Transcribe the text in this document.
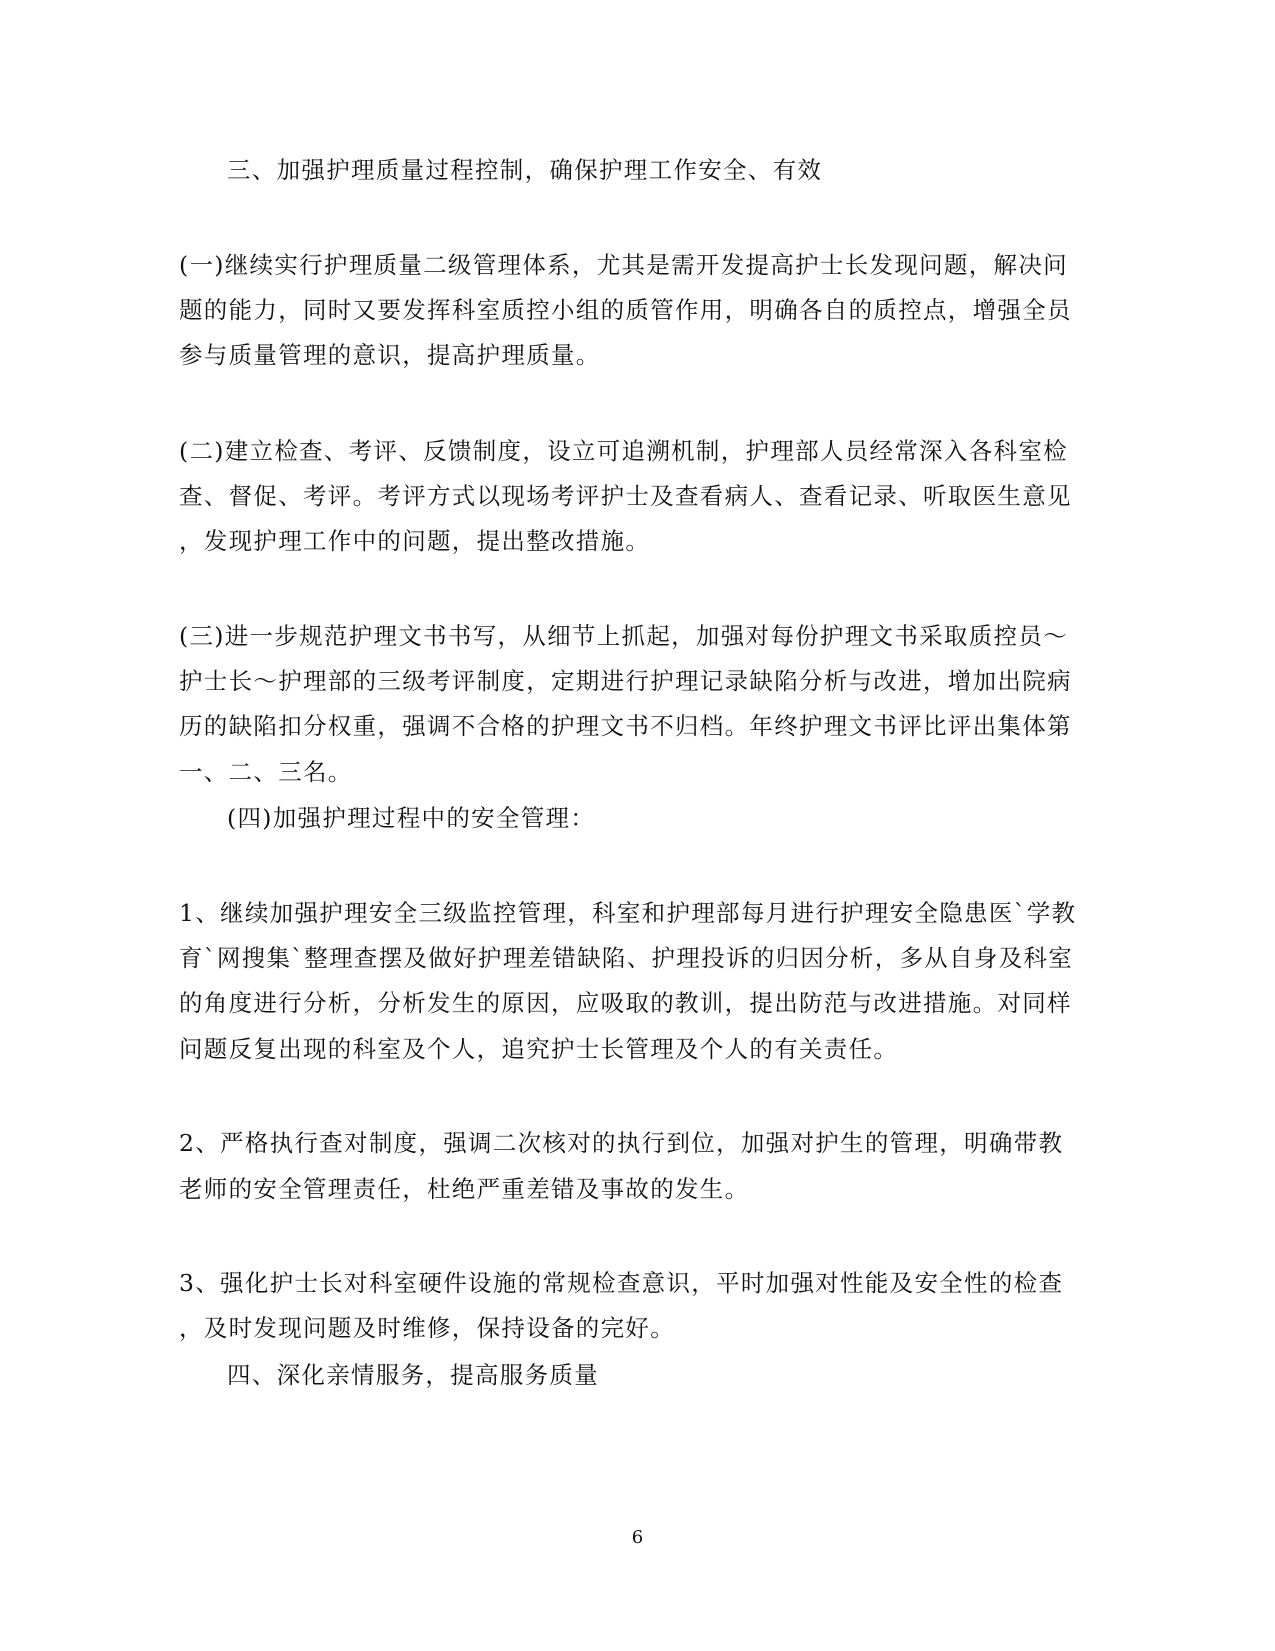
三、加强护理质量过程控制，确保护理工作安全、有效
(一)继续实行护理质量二级管理体系，尤其是需开发提高护士长发现问题，解决问
题的能力，同时又要发挥科室质控小组的质管作用，明确各自的质控点，增强全员
参与质量管理的意识，提高护理质量。
(二)建立检查、考评、反馈制度，设立可追溯机制，护理部人员经常深入各科室检
查、督促、考评。考评方式以现场考评护士及查看病人、查看记录、听取医生意见
，发现护理工作中的问题，提出整改措施。
(三)进一步规范护理文书书写，从细节上抓起，加强对每份护理文书采取质控员～
护士长～护理部的三级考评制度，定期进行护理记录缺陷分析与改进，增加出院病
历的缺陷扣分权重，强调不合格的护理文书不归档。年终护理文书评比评出集体第
一、二、三名。
(四)加强护理过程中的安全管理：
1、继续加强护理安全三级监控管理，科室和护理部每月进行护理安全隐患医`学教
育`网搜集`整理查摆及做好护理差错缺陷、护理投诉的归因分析，多从自身及科室
的角度进行分析，分析发生的原因，应吸取的教训，提出防范与改进措施。对同样
问题反复出现的科室及个人，追究护士长管理及个人的有关责任。
2、严格执行查对制度，强调二次核对的执行到位，加强对护生的管理，明确带教
老师的安全管理责任，杜绝严重差错及事故的发生。
3、强化护士长对科室硬件设施的常规检查意识，平时加强对性能及安全性的检查
，及时发现问题及时维修，保持设备的完好。
四、深化亲情服务，提高服务质量
6
